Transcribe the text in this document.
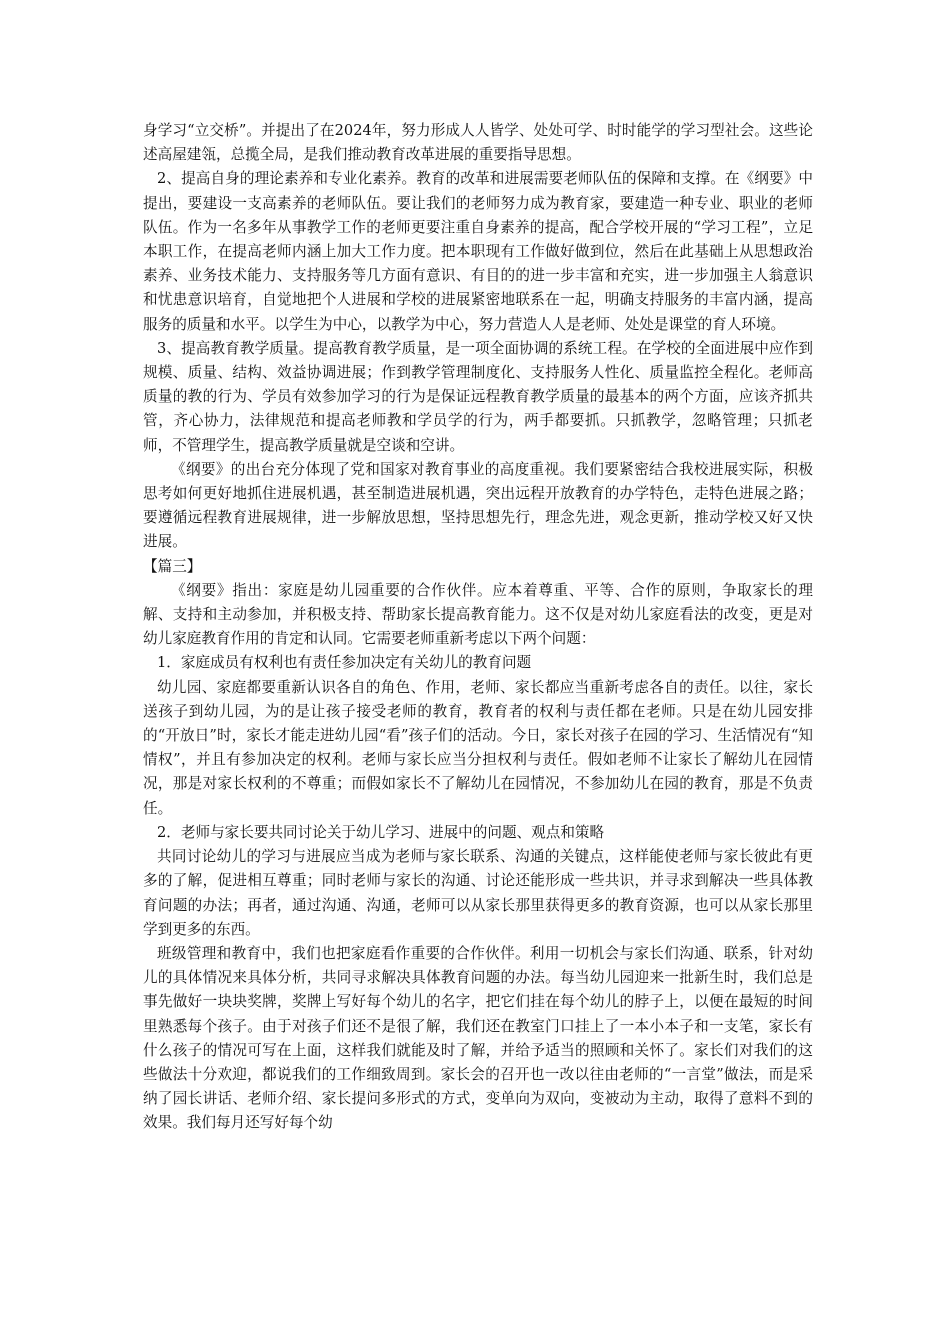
身学习“立交桥”。并提出了在2024年，努力形成人人皆学、处处可学、时时能学的学习型社会。这些论述高屋建瓴，总揽全局，是我们推动教育改革进展的重要指导思想。

2、提高自身的理论素养和专业化素养。教育的改革和进展需要老师队伍的保障和支撑。在《纲要》中提出，要建设一支高素养的老师队伍。要让我们的老师努力成为教育家，要建造一种专业、职业的老师队伍。作为一名多年从事教学工作的老师更要注重自身素养的提高，配合学校开展的“学习工程”，立足本职工作，在提高老师内涵上加大工作力度。把本职现有工作做好做到位，然后在此基础上从思想政治素养、业务技术能力、支持服务等几方面有意识、有目的的进一步丰富和充实，进一步加强主人翁意识和忧患意识培育，自觉地把个人进展和学校的进展紧密地联系在一起，明确支持服务的丰富内涵，提高服务的质量和水平。以学生为中心，以教学为中心，努力营造人人是老师、处处是课堂的育人环境。

3、提高教育教学质量。提高教育教学质量，是一项全面协调的系统工程。在学校的全面进展中应作到规模、质量、结构、效益协调进展；作到教学管理制度化、支持服务人性化、质量监控全程化。老师高质量的教的行为、学员有效参加学习的行为是保证远程教育教学质量的最基本的两个方面，应该齐抓共管，齐心协力，法律规范和提高老师教和学员学的行为，两手都要抓。只抓教学，忽略管理；只抓老师，不管理学生，提高教学质量就是空谈和空讲。

《纲要》的出台充分体现了党和国家对教育事业的高度重视。我们要紧密结合我校进展实际，积极思考如何更好地抓住进展机遇，甚至制造进展机遇，突出远程开放教育的办学特色，走特色进展之路；要遵循远程教育进展规律，进一步解放思想，坚持思想先行，理念先进，观念更新，推动学校又好又快进展。

【篇三】

《纲要》指出：家庭是幼儿园重要的合作伙伴。应本着尊重、平等、合作的原则，争取家长的理解、支持和主动参加，并积极支持、帮助家长提高教育能力。这不仅是对幼儿家庭看法的改变，更是对幼儿家庭教育作用的肯定和认同。它需要老师重新考虑以下两个问题：

1．家庭成员有权利也有责任参加决定有关幼儿的教育问题

幼儿园、家庭都要重新认识各自的角色、作用，老师、家长都应当重新考虑各自的责任。以往，家长送孩子到幼儿园，为的是让孩子接受老师的教育，教育者的权利与责任都在老师。只是在幼儿园安排的“开放日”时，家长才能走进幼儿园“看”孩子们的活动。今日，家长对孩子在园的学习、生活情况有“知情权”，并且有参加决定的权利。老师与家长应当分担权利与责任。假如老师不让家长了解幼儿在园情况，那是对家长权利的不尊重；而假如家长不了解幼儿在园情况，不参加幼儿在园的教育，那是不负责任。

2．老师与家长要共同讨论关于幼儿学习、进展中的问题、观点和策略

共同讨论幼儿的学习与进展应当成为老师与家长联系、沟通的关键点，这样能使老师与家长彼此有更多的了解，促进相互尊重；同时老师与家长的沟通、讨论还能形成一些共识，并寻求到解决一些具体教育问题的办法；再者，通过沟通、沟通，老师可以从家长那里获得更多的教育资源，也可以从家长那里学到更多的东西。

班级管理和教育中，我们也把家庭看作重要的合作伙伴。利用一切机会与家长们沟通、联系，针对幼儿的具体情况来具体分析，共同寻求解决具体教育问题的办法。每当幼儿园迎来一批新生时，我们总是事先做好一块块奖牌，奖牌上写好每个幼儿的名字，把它们挂在每个幼儿的脖子上，以便在最短的时间里熟悉每个孩子。由于对孩子们还不是很了解，我们还在教室门口挂上了一本小本子和一支笔，家长有什么孩子的情况可写在上面，这样我们就能及时了解，并给予适当的照顾和关怀了。家长们对我们的这些做法十分欢迎，都说我们的工作细致周到。家长会的召开也一改以往由老师的“一言堂”做法，而是采纳了园长讲话、老师介绍、家长提问多形式的方式，变单向为双向，变被动为主动，取得了意料不到的效果。我们每月还写好每个幼
